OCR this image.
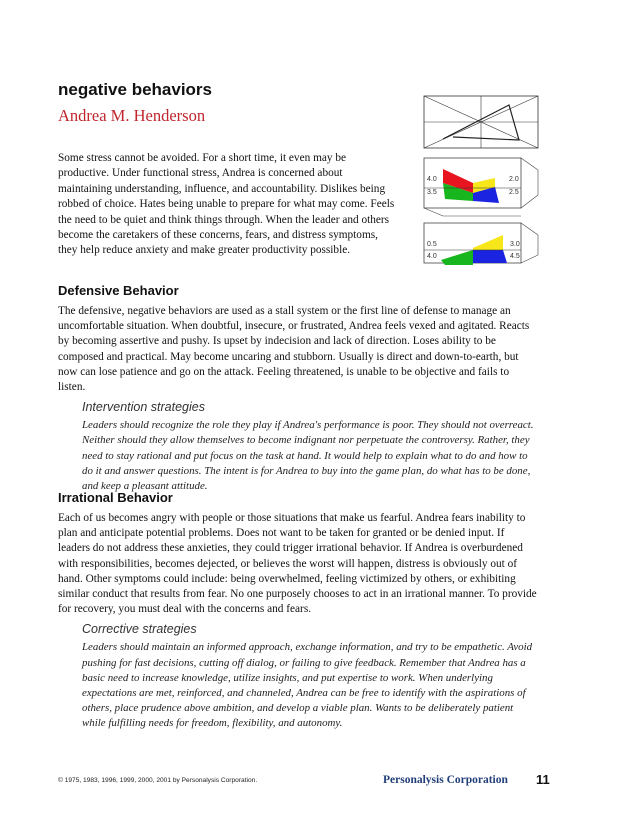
negative behaviors
Andrea M. Henderson

Some stress cannot be avoided. For a short time, it even may be productive. Under functional stress, Andrea is concerned about maintaining understanding, influence, and accountability. Dislikes being robbed of choice. Hates being unable to prepare for what may come. Feels the need to be quiet and think things through. When the leader and others become the caretakers of these concerns, fears, and distress symptoms, they help reduce anxiety and make greater productivity possible.

4.0	2.0
3.5	2.5
0.5	3.0
4.0	4.5
Defensive Behavior

The defensive, negative behaviors are used as a stall system or the first line of defense to manage an uncomfortable situation. When doubtful, insecure, or frustrated, Andrea feels vexed and agitated. Reacts by becoming assertive and pushy. Is upset by indecision and lack of direction. Loses ability to be composed and practical. May become uncaring and stubborn. Usually is direct and down-to-earth, but now can lose patience and go on the attack. Feeling threatened, is unable to be objective and fails to listen.

Intervention strategies

Leaders should recognize the role they play if Andrea's performance is poor. They should not overreact. Neither should they allow themselves to become indignant nor perpetuate the controversy. Rather, they need to stay rational and put focus on the task at hand. It would help to explain what to do and how to do it and answer questions. The intent is for Andrea to buy into the game plan, do what has to be done, and keep a pleasant attitude.

Irrational Behavior

Each of us becomes angry with people or those situations that make us fearful. Andrea fears inability to plan and anticipate potential problems. Does not want to be taken for granted or be denied input. If leaders do not address these anxieties, they could trigger irrational behavior. If Andrea is overburdened with responsibilities, becomes dejected, or believes the worst will happen, distress is obviously out of hand. Other symptoms could include: being overwhelmed, feeling victimized by others, or exhibiting similar conduct that results from fear. No one purposely chooses to act in an irrational manner. To provide for recovery, you must deal with the concerns and fears.

Corrective strategies

Leaders should maintain an informed approach, exchange information, and try to be empathetic. Avoid pushing for fast decisions, cutting off dialog, or failing to give feedback. Remember that Andrea has a basic need to increase knowledge, utilize insights, and put expertise to work. When underlying expectations are met, reinforced, and channeled, Andrea can be free to identify with the aspirations of others, place prudence above ambition, and develop a viable plan. Wants to be deliberately patient while fulfilling needs for freedom, flexibility, and autonomy.

© 1975, 1983, 1996, 1999, 2000, 2001 by Personalysis Corporation.	Personalysis Corporation 11
